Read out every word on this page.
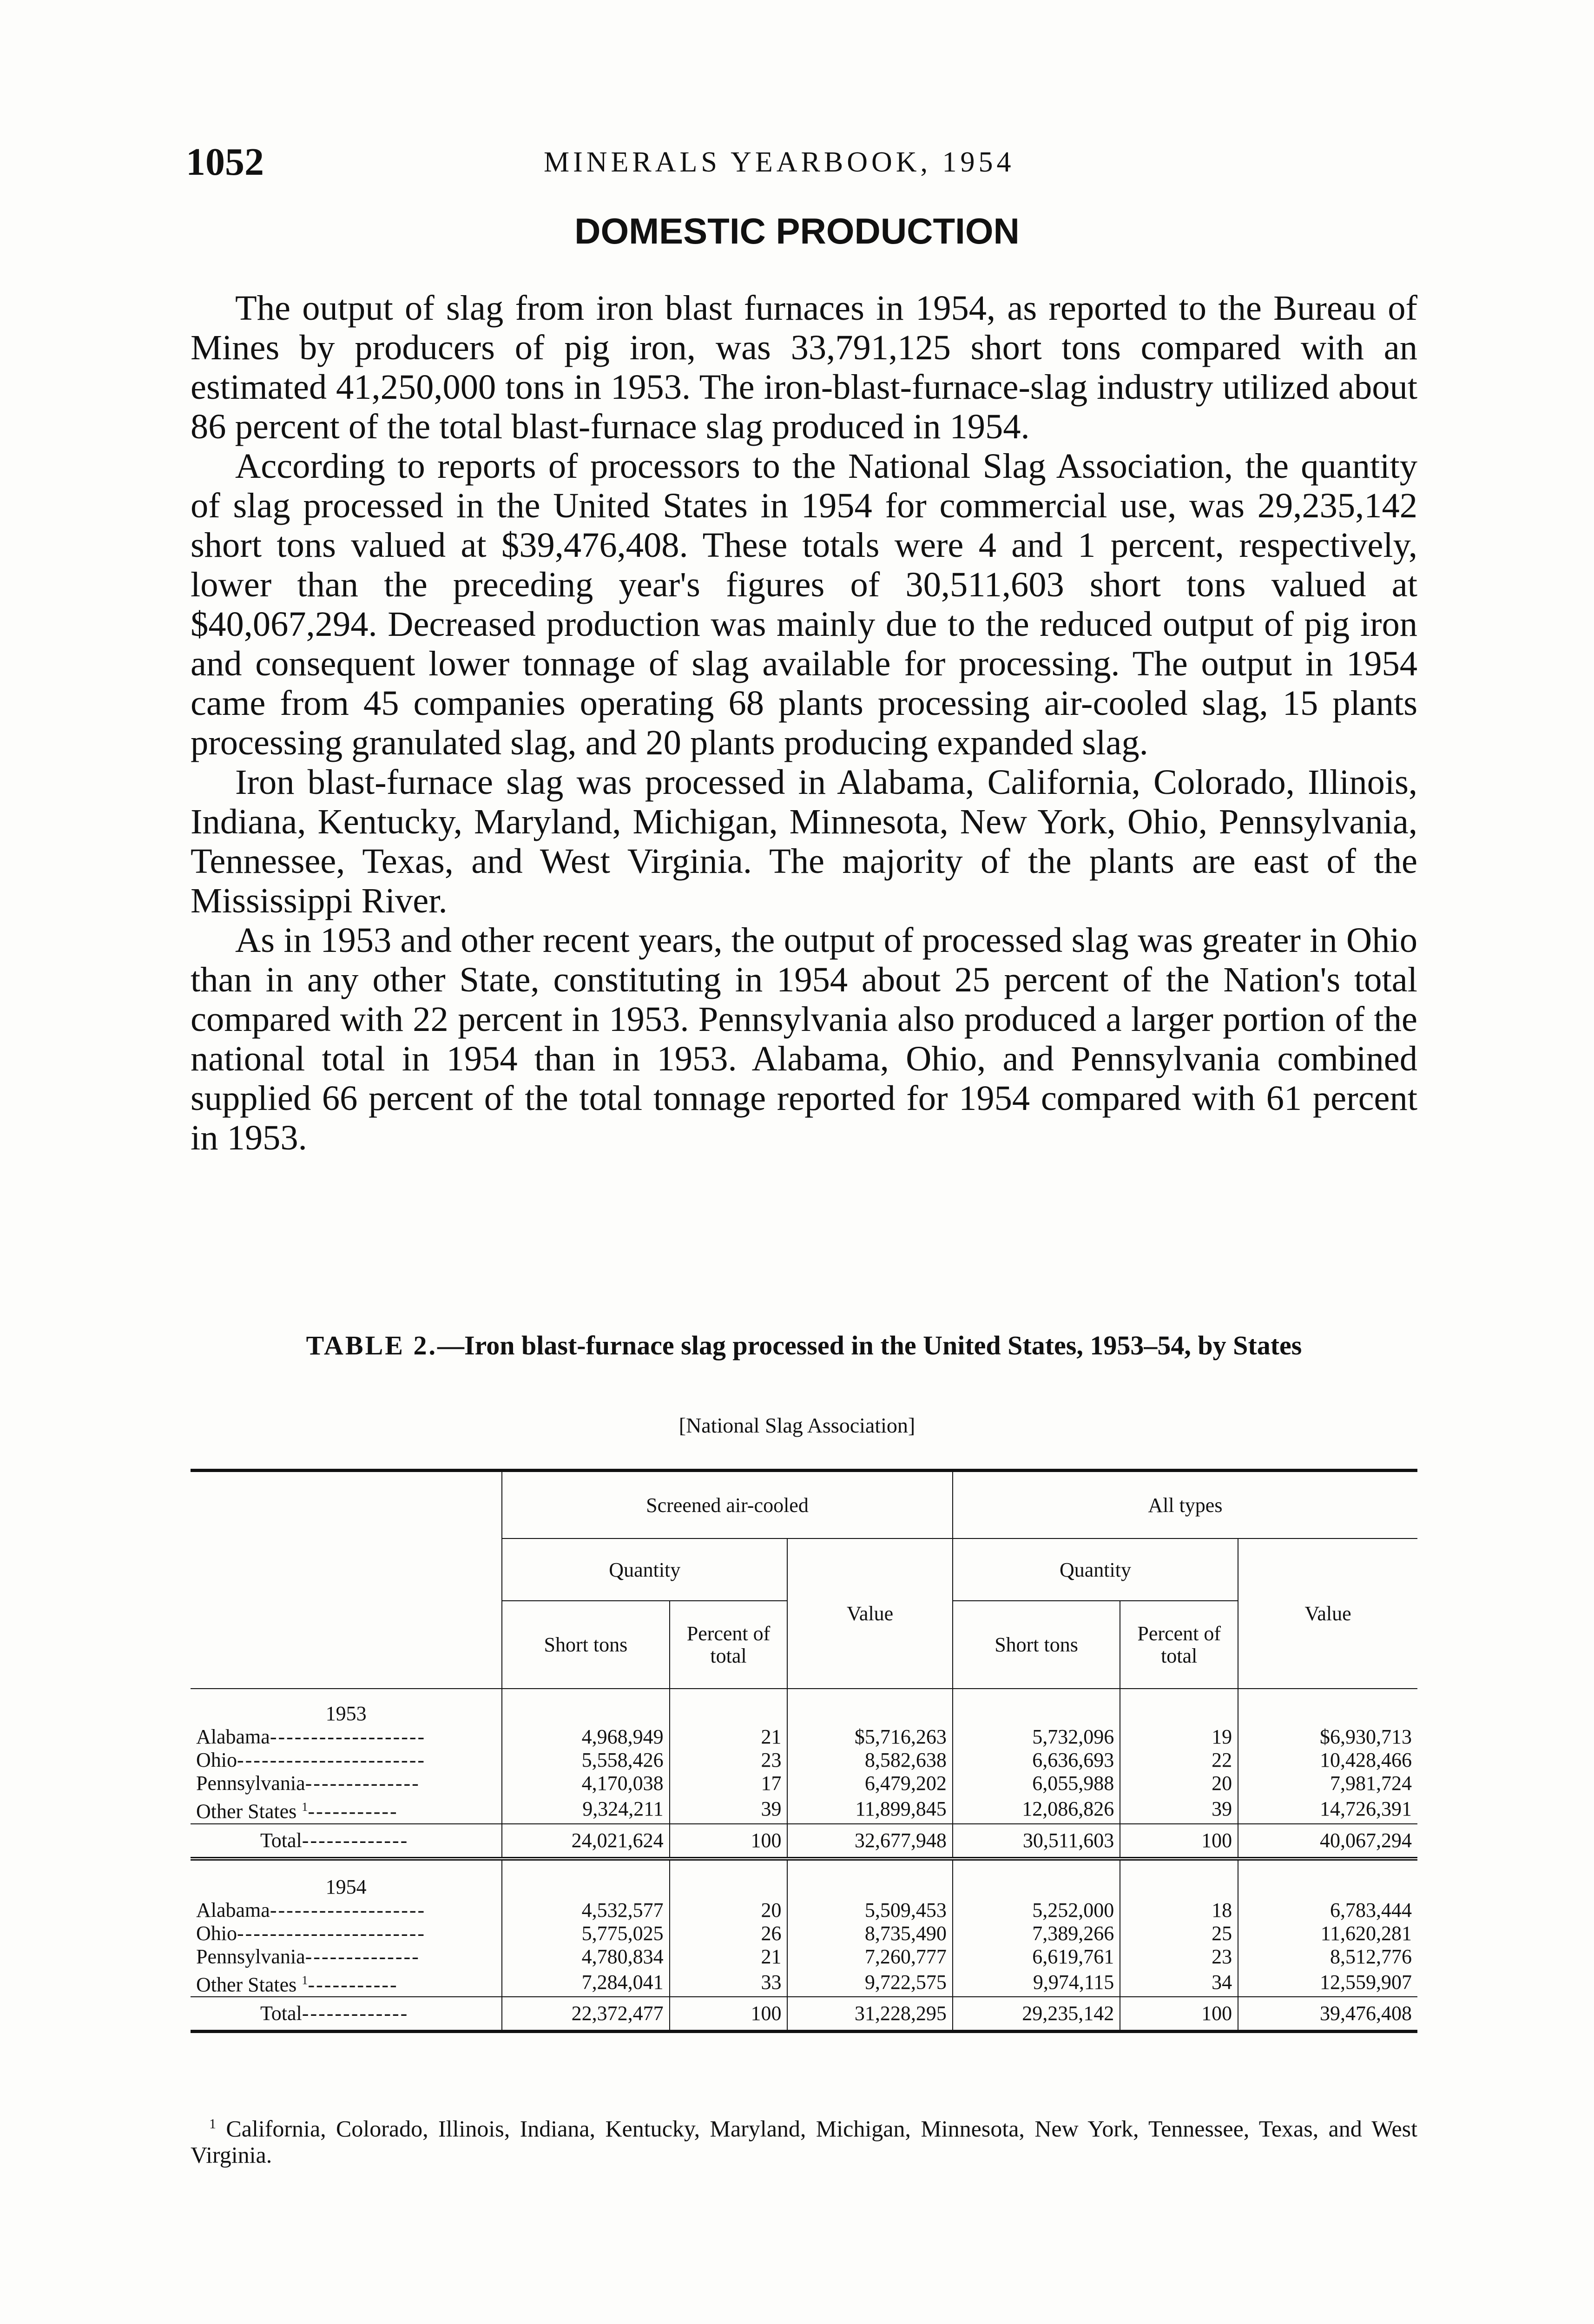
1052	MINERALS YEARBOOK, 1954
DOMESTIC PRODUCTION

The output of slag from iron blast furnaces in 1954, as reported to the Bureau of Mines by producers of pig iron, was 33,791,125 short tons compared with an estimated 41,250,000 tons in 1953. The iron-blast-furnace-slag industry utilized about 86 percent of the total blast-furnace slag produced in 1954.

According to reports of processors to the National Slag Association, the quantity of slag processed in the United States in 1954 for commercial use, was 29,235,142 short tons valued at $39,476,408. These totals were 4 and 1 percent, respectively, lower than the preceding year's figures of 30,511,603 short tons valued at $40,067,294. Decreased production was mainly due to the reduced output of pig iron and consequent lower tonnage of slag available for processing. The output in 1954 came from 45 companies operating 68 plants processing air-cooled slag, 15 plants processing granulated slag, and 20 plants producing expanded slag.

Iron blast-furnace slag was processed in Alabama, California, Colorado, Illinois, Indiana, Kentucky, Maryland, Michigan, Minnesota, New York, Ohio, Pennsylvania, Tennessee, Texas, and West Virginia. The majority of the plants are east of the Mississippi River.

As in 1953 and other recent years, the output of processed slag was greater in Ohio than in any other State, constituting in 1954 about 25 percent of the Nation's total compared with 22 percent in 1953. Pennsylvania also produced a larger portion of the national total in 1954 than in 1953. Alabama, Ohio, and Pennsylvania combined supplied 66 percent of the total tonnage reported for 1954 compared with 61 percent in 1953.

TABLE 2.—Iron blast-furnace slag processed in the United States, 1953–54, by States
[National Slag Association]
	Screened air-cooled			All types		
	Quantity		Value	Quantity		Value
	Short tons	Percent of total		Short tons	Percent of total	
1953						
Alabama-------------------	4,968,949	21	$5,716,263	5,732,096	19	$6,930,713
Ohio-----------------------	5,558,426	23	8,582,638	6,636,693	22	10,428,466
Pennsylvania--------------	4,170,038	17	6,479,202	6,055,988	20	7,981,724
Other States $^1$-----------	9,324,211	39	11,899,845	12,086,826	39	14,726,391
Total-------------	24,021,624	100	32,677,948	30,511,603	100	40,067,294

1954						
Alabama-------------------	4,532,577	20	5,509,453	5,252,000	18	6,783,444
Ohio-----------------------	5,775,025	26	8,735,490	7,389,266	25	11,620,281
Pennsylvania--------------	4,780,834	21	7,260,777	6,619,761	23	8,512,776
Other States $^1$-----------	7,284,041	33	9,722,575	9,974,115	34	12,559,907
Total-------------	22,372,477	100	31,228,295	29,235,142	100	39,476,408

$^1$ California, Colorado, Illinois, Indiana, Kentucky, Maryland, Michigan, Minnesota, New York, Tennessee, Texas, and West Virginia.
